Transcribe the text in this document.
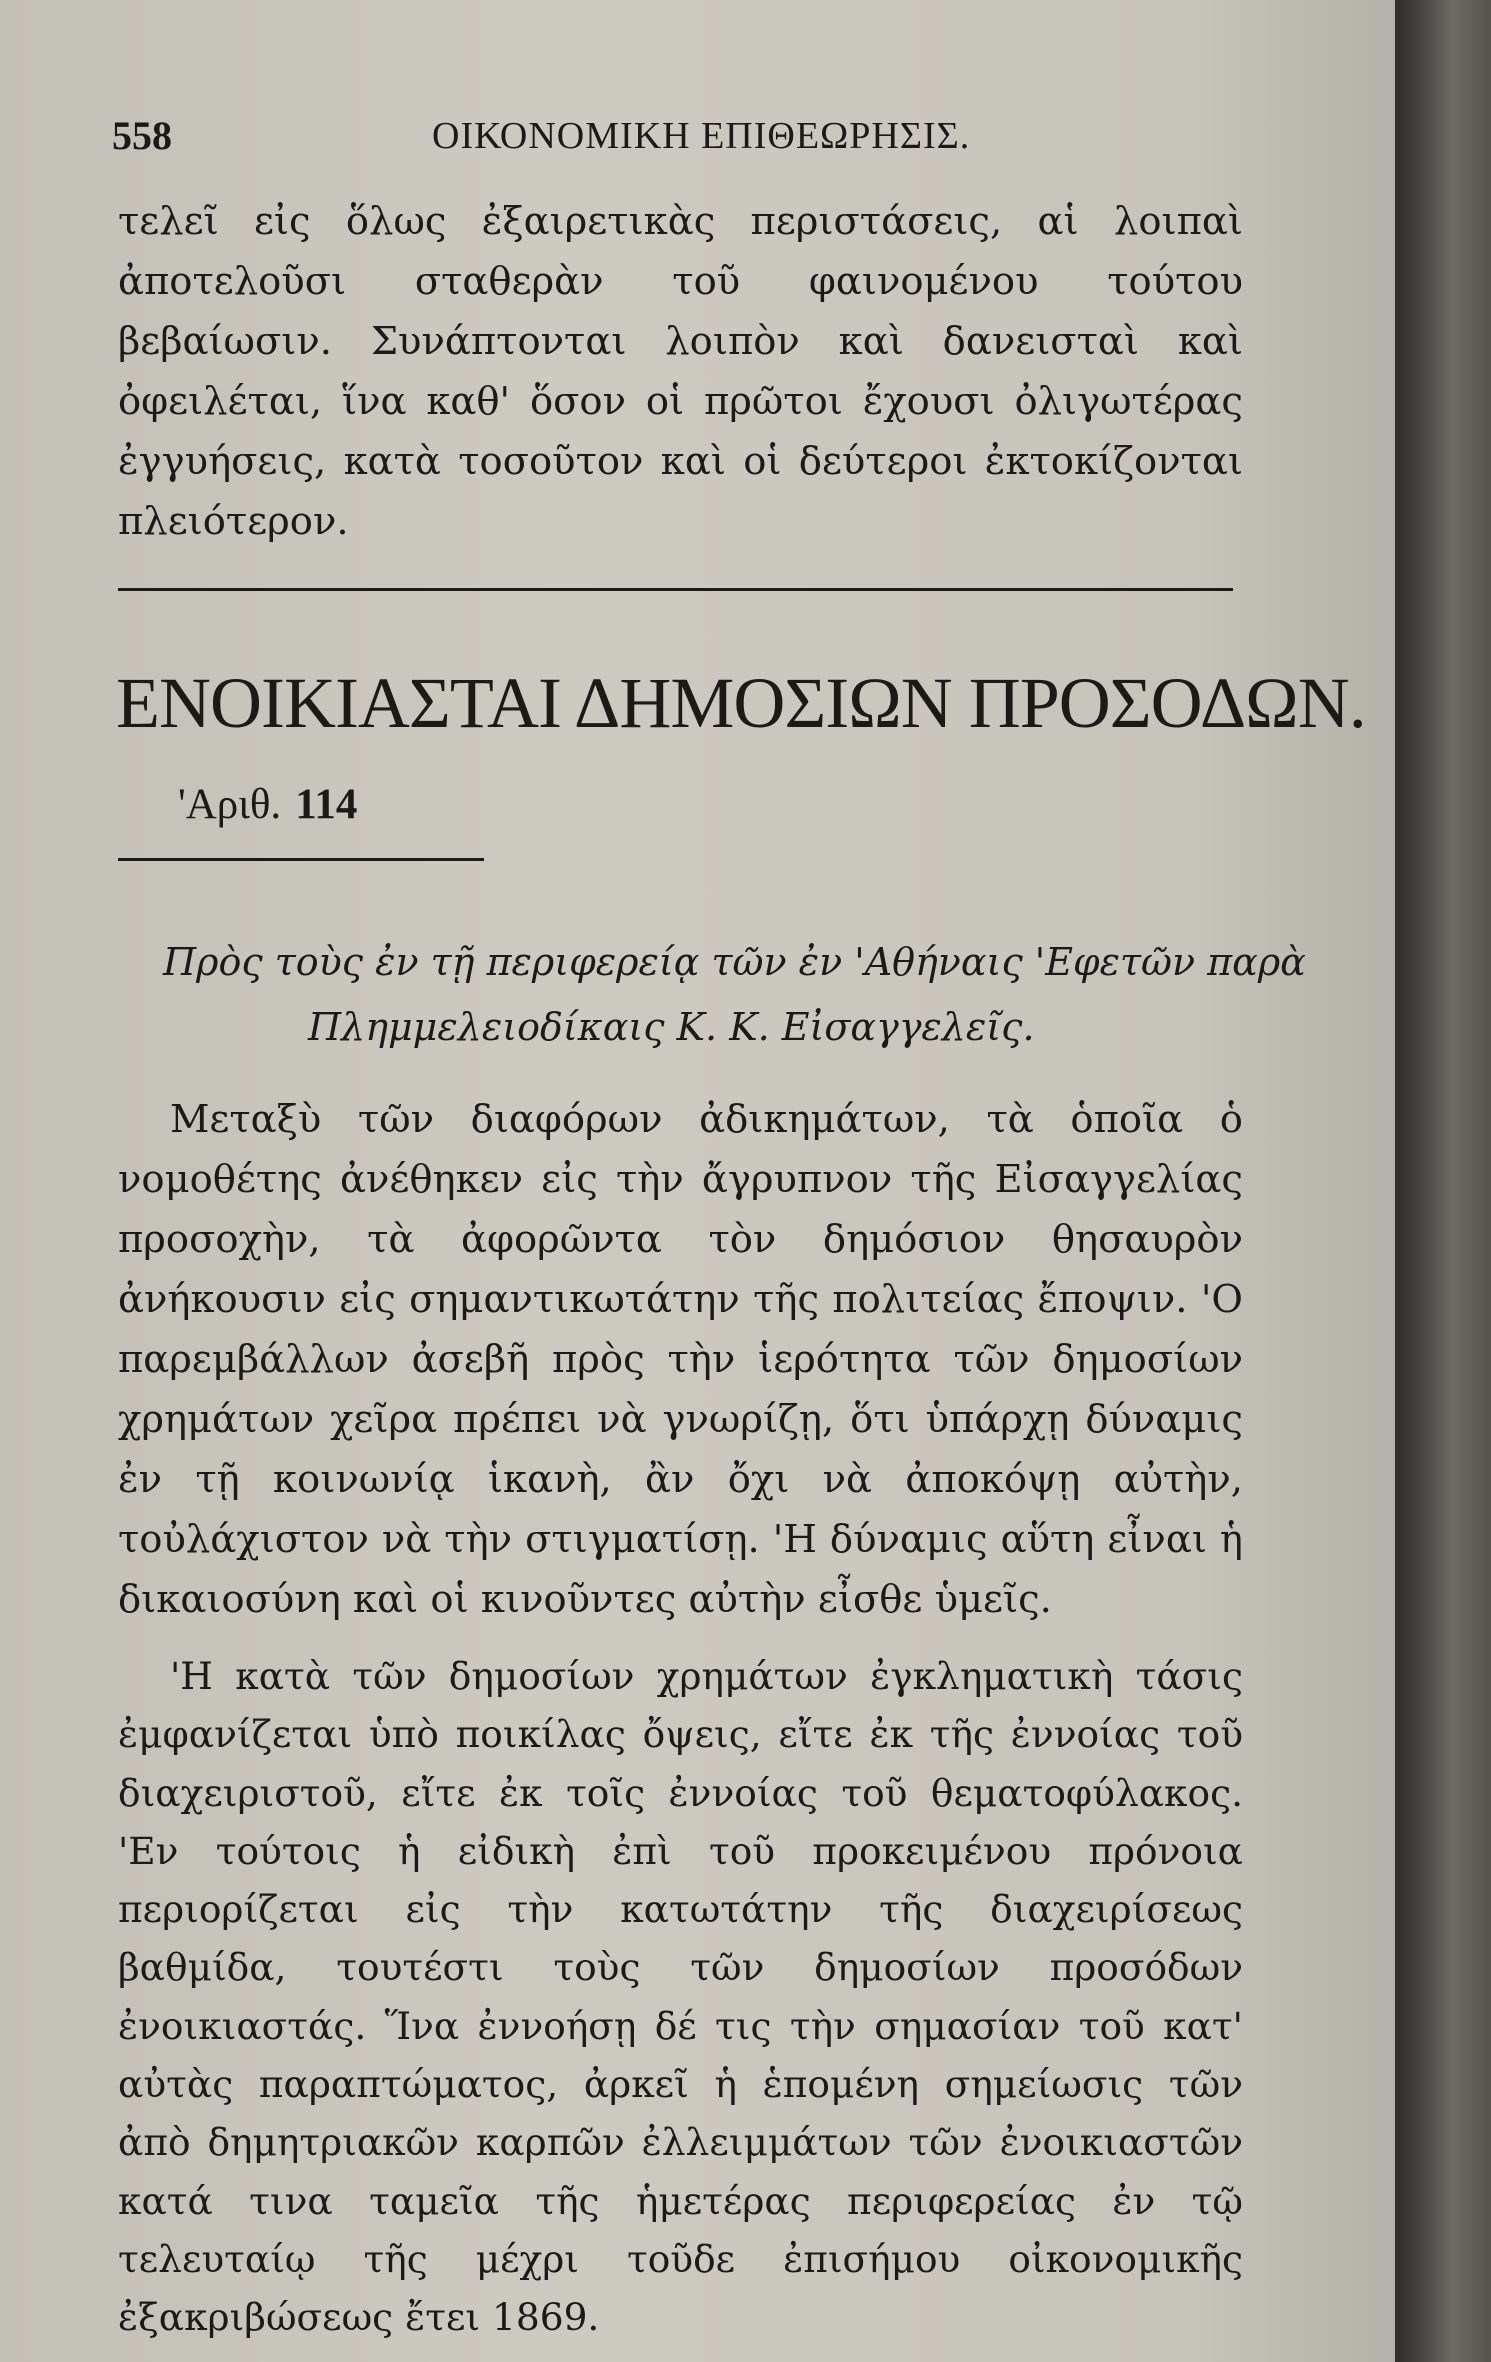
558	ΟΙΚΟΝΟΜΙΚΗ ΕΠΙΘΕΩΡΗΣΙΣ.

τελεῖ εἰς ὅλως ἐξαιρετικὰς περιστάσεις, αἱ λοιπαὶ ἀποτελοῦσι σταθερὰν τοῦ φαινομένου τούτου βεβαίωσιν. Συνάπτονται λοιπὸν καὶ δανεισταὶ καὶ ὀφειλέται, ἵνα καθ' ὅσον οἱ πρῶτοι ἔχουσι ὀλιγωτέρας ἐγγυήσεις, κατὰ τοσοῦτον καὶ οἱ δεύτεροι ἐκτοκίζονται πλειότερον.

ΕΝΟΙΚΙΑΣΤΑΙ ΔΗΜΟΣΙΩΝ ΠΡΟΣΟΔΩΝ.
'Αριθ. 114

Πρὸς τοὺς ἐν τῇ περιφερείᾳ τῶν ἐν 'Αθήναις 'Εφετῶν παρὰ
Πλημμελειοδίκαις Κ. Κ. Εἰσαγγελεῖς.

Μεταξὺ τῶν διαφόρων ἀδικημάτων, τὰ ὁποῖα ὁ νομοθέτης ἀνέθηκεν εἰς τὴν ἄγρυπνον τῆς Εἰσαγγελίας προσοχὴν, τὰ ἀφορῶντα τὸν δημόσιον θησαυρὸν ἀνήκουσιν εἰς σημαντικωτάτην τῆς πολιτείας ἔποψιν. 'Ο παρεμβάλλων ἀσεβῆ πρὸς τὴν ἱερότητα τῶν δημοσίων χρημάτων χεῖρα πρέπει νὰ γνωρίζῃ, ὅτι ὑπάρχῃ δύναμις ἐν τῇ κοινωνίᾳ ἱκανὴ, ἂν ὄχι νὰ ἀποκόψῃ αὐτὴν, τοὐλάχιστον νὰ τὴν στιγματίσῃ. 'Η δύναμις αὕτη εἶναι ἡ δικαιοσύνη καὶ οἱ κινοῦντες αὐτὴν εἶσθε ὑμεῖς.

'Η κατὰ τῶν δημοσίων χρημάτων ἐγκληματικὴ τάσις ἐμφανίζεται ὑπὸ ποικίλας ὄψεις, εἴτε ἐκ τῆς ἐννοίας τοῦ διαχειριστοῦ, εἴτε ἐκ τοῖς ἐννοίας τοῦ θεματοφύλακος. 'Εν τούτοις ἡ εἰδικὴ ἐπὶ τοῦ προκειμένου πρόνοια περιορίζεται εἰς τὴν κατωτάτην τῆς διαχειρίσεως βαθμίδα, τουτέστι τοὺς τῶν δημοσίων προσόδων ἐνοικιαστάς. Ἵνα ἐννοήσῃ δέ τις τὴν σημασίαν τοῦ κατ' αὐτὰς παραπτώματος, ἀρκεῖ ἡ ἑπομένη σημείωσις τῶν ἀπὸ δημητριακῶν καρπῶν ἐλλειμμάτων τῶν ἐνοικιαστῶν κατά τινα ταμεῖα τῆς ἡμετέρας περιφερείας ἐν τῷ τελευταίῳ τῆς μέχρι τοῦδε ἐπισήμου οἰκονομικῆς ἐξακριβώσεως ἔτει 1869.
